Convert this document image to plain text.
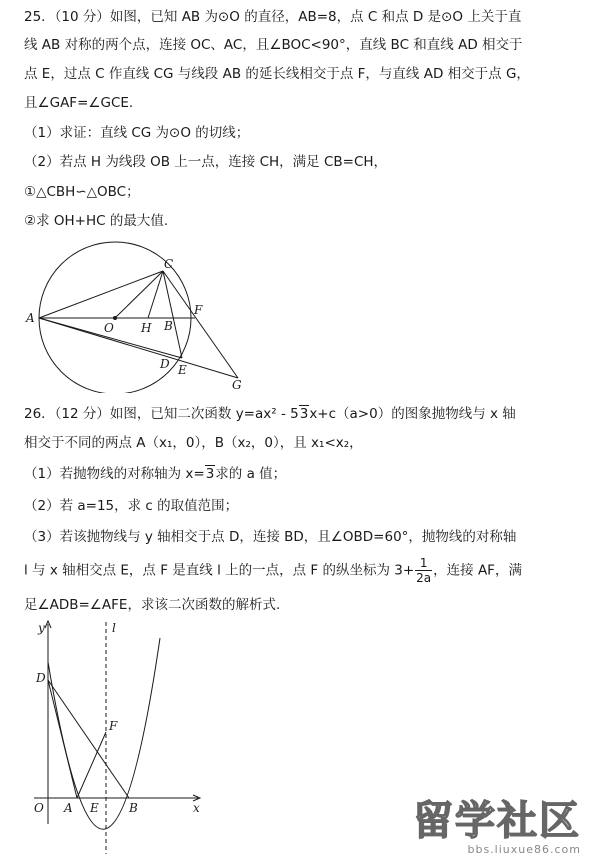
25．（10 分）如图，已知 AB 为⊙O 的直径，AB=8，点 C 和点 D 是⊙O 上关于直
线 AB 对称的两个点，连接 OC、AC，且∠BOC<90°，直线 BC 和直线 AD 相交于
点 E，过点 C 作直线 CG 与线段 AB 的延长线相交于点 F，与直线 AD 相交于点 G，
且∠GAF=∠GCE.
（1）求证：直线 CG 为⊙O 的切线；
（2）若点 H 为线段 OB 上一点，连接 CH，满足 CB=CH，
①△CBH∽△OBC；
②求 OH+HC 的最大值.
C
A
O H B
F
D E
G
26．（12 分）如图，已知二次函数 y=ax² - 53x+c（a>0）的图象抛物线与 x 轴
相交于不同的两点 A（x₁，0），B（x₂，0），且 x₁<x₂，
（1）若抛物线的对称轴为 x=3求的 a 值；
（2）若 a=15，求 c 的取值范围；
（3）若该抛物线与 y 轴相交于点 D，连接 BD，且∠OBD=60°，抛物线的对称轴
l 与 x 轴相交点 E，点 F 是直线 l 上的一点，点 F 的纵坐标为 $3+ \frac{1}{2a}$ ，连接 AF，满
足∠ADB=∠AFE，求该二次函数的解析式.
y	l
D
F
O A E	B	x	留学社区
bbs.liuxue86.com
